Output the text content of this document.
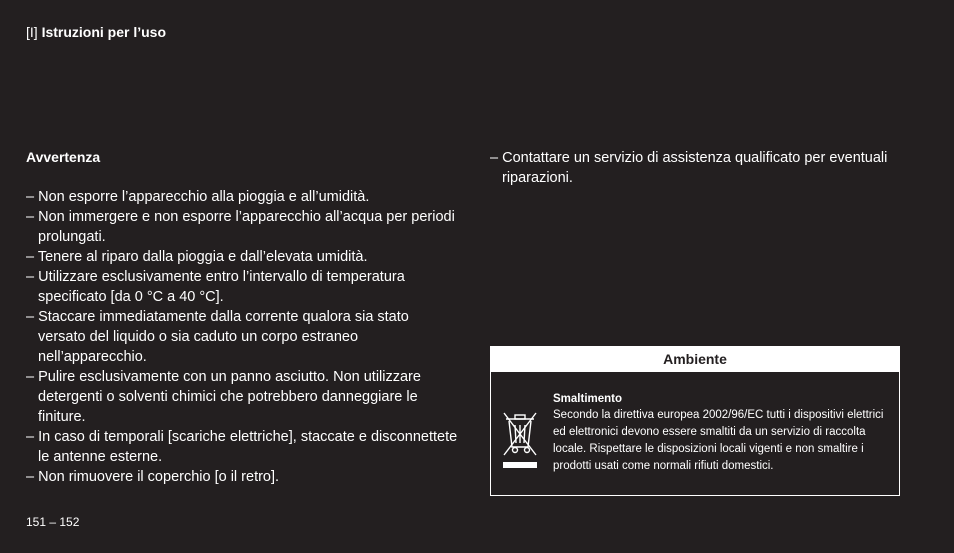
[I] Istruzioni per l’uso
Avvertenza
– Non esporre l’apparecchio alla pioggia e all’umidità.
– Non immergere e non esporre l’apparecchio all’acqua per periodi prolungati.
– Tenere al riparo dalla pioggia e dall’elevata umidità.
– Utilizzare esclusivamente entro l’intervallo di temperatura specificato [da 0 °C a 40 °C].
– Staccare immediatamente dalla corrente qualora sia stato versato del liquido o sia caduto un corpo estraneo nell’apparecchio.
– Pulire esclusivamente con un panno asciutto. Non utilizzare detergenti o solventi chimici che potrebbero danneggiare le finiture.
– In caso di temporali [scariche elettriche], staccate e disconnettete le antenne esterne.
– Non rimuovere il coperchio [o il retro].
– Contattare un servizio di assistenza qualificato per eventuali riparazioni.
Ambiente
Smaltimento
Secondo la direttiva europea 2002/96/EC tutti i dispositivi elettrici ed elettronici devono essere smaltiti da un servizio di raccolta locale. Rispettare le disposizioni locali vigenti e non smaltire i prodotti usati come normali rifiuti domestici.
151 – 152
